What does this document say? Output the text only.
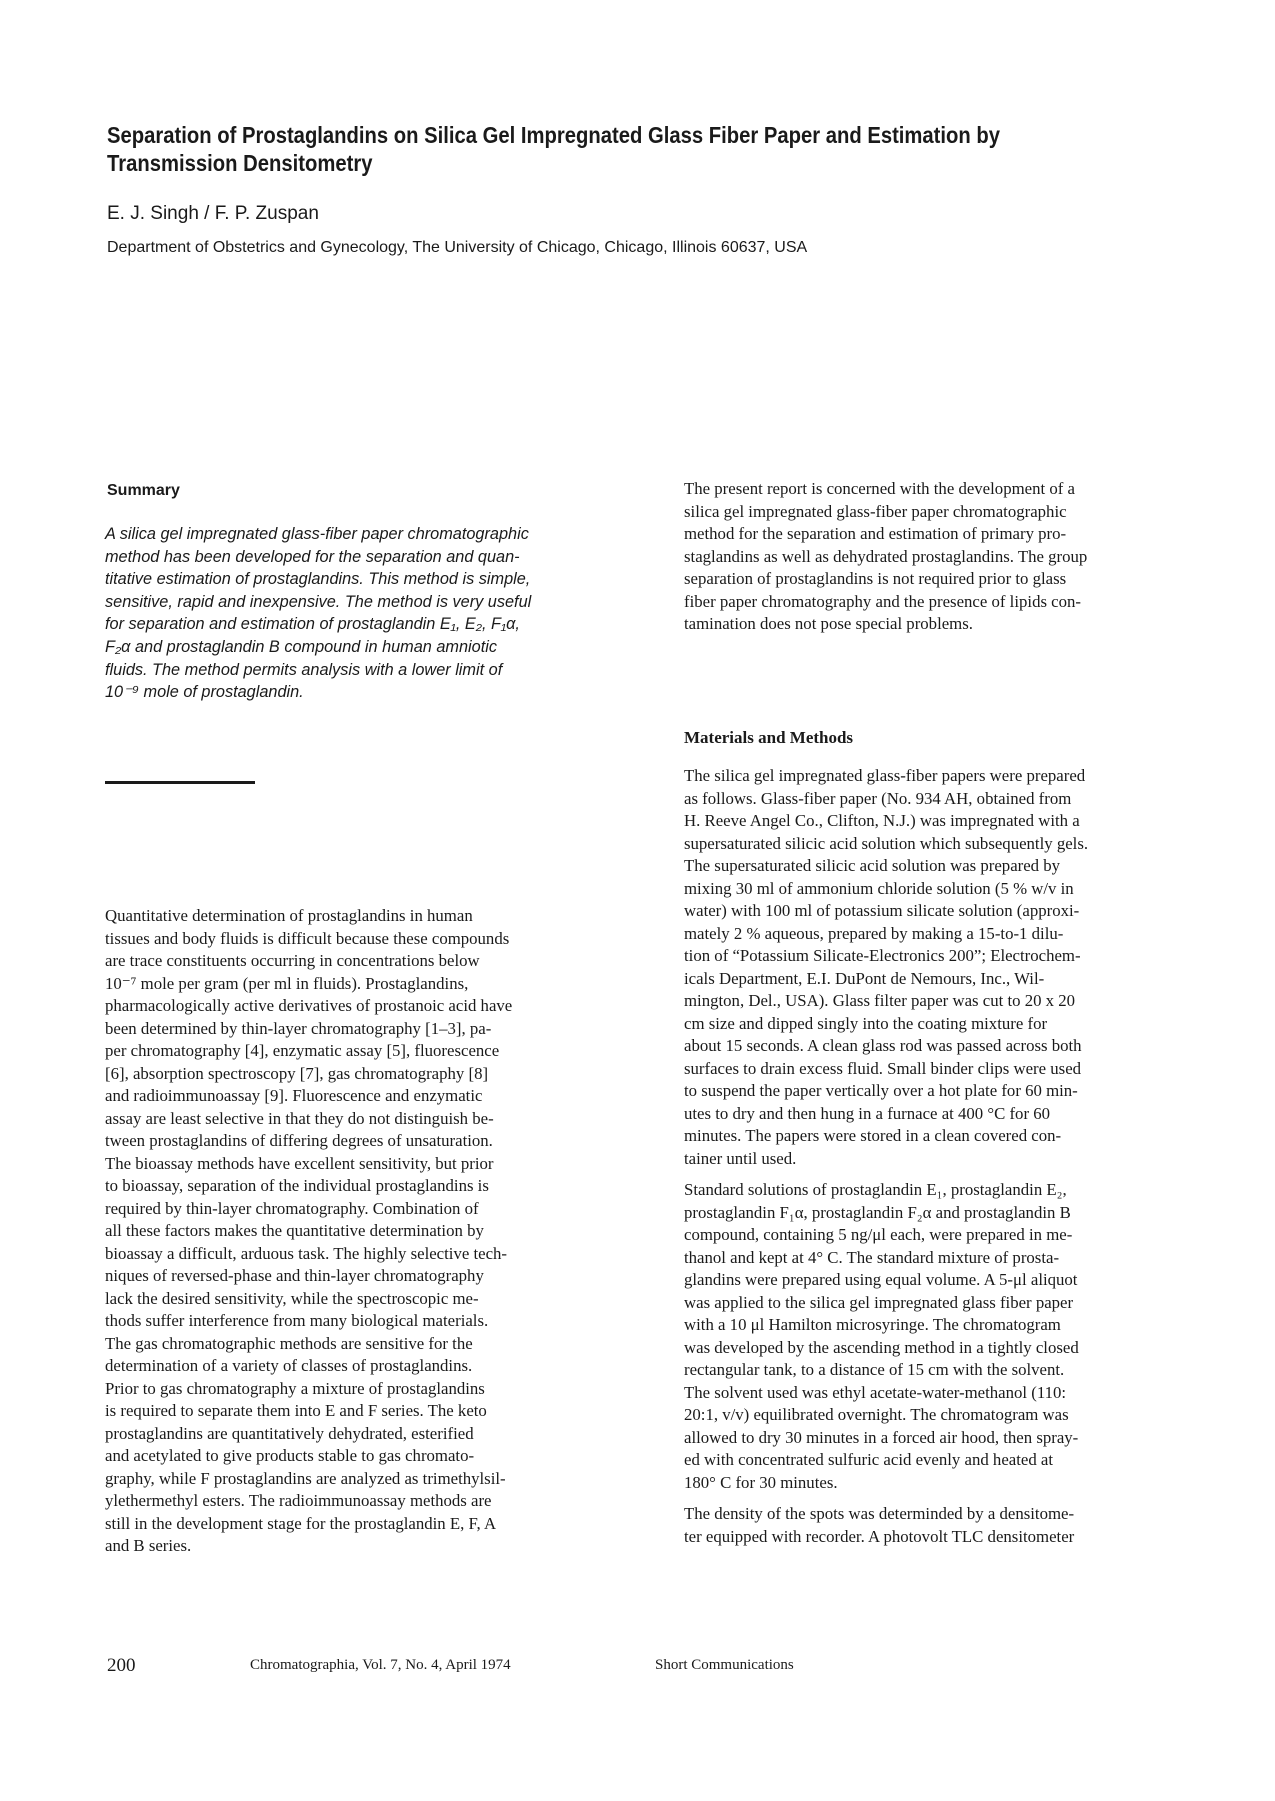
Separation of Prostaglandins on Silica Gel Impregnated Glass Fiber Paper and Estimation by
Transmission Densitometry
E. J. Singh / F. P. Zuspan
Department of Obstetrics and Gynecology, The University of Chicago, Chicago, Illinois 60637, USA
Summary
A silica gel impregnated glass-fiber paper chromatographic
method has been developed for the separation and quan-
titative estimation of prostaglandins. This method is simple,
sensitive, rapid and inexpensive. The method is very useful
for separation and estimation of prostaglandin E₁, E₂, F₁α,
F₂α and prostaglandin B compound in human amniotic
fluids. The method permits analysis with a lower limit of
10⁻⁹ mole of prostaglandin.
Quantitative determination of prostaglandins in human
tissues and body fluids is difficult because these compounds
are trace constituents occurring in concentrations below
10⁻⁷ mole per gram (per ml in fluids). Prostaglandins,
pharmacologically active derivatives of prostanoic acid have
been determined by thin-layer chromatography [1–3], pa-
per chromatography [4], enzymatic assay [5], fluorescence
[6], absorption spectroscopy [7], gas chromatography [8]
and radioimmunoassay [9]. Fluorescence and enzymatic
assay are least selective in that they do not distinguish be-
tween prostaglandins of differing degrees of unsaturation.
The bioassay methods have excellent sensitivity, but prior
to bioassay, separation of the individual prostaglandins is
required by thin-layer chromatography. Combination of
all these factors makes the quantitative determination by
bioassay a difficult, arduous task. The highly selective tech-
niques of reversed-phase and thin-layer chromatography
lack the desired sensitivity, while the spectroscopic me-
thods suffer interference from many biological materials.
The gas chromatographic methods are sensitive for the
determination of a variety of classes of prostaglandins.
Prior to gas chromatography a mixture of prostaglandins
is required to separate them into E and F series. The keto
prostaglandins are quantitatively dehydrated, esterified
and acetylated to give products stable to gas chromato-
graphy, while F prostaglandins are analyzed as trimethylsil-
ylethermethyl esters. The radioimmunoassay methods are
still in the development stage for the prostaglandin E, F, A
and B series.
The present report is concerned with the development of a
silica gel impregnated glass-fiber paper chromatographic
method for the separation and estimation of primary pro-
staglandins as well as dehydrated prostaglandins. The group
separation of prostaglandins is not required prior to glass
fiber paper chromatography and the presence of lipids con-
tamination does not pose special problems.
Materials and Methods

The silica gel impregnated glass-fiber papers were prepared
as follows. Glass-fiber paper (No. 934 AH, obtained from
H. Reeve Angel Co., Clifton, N.J.) was impregnated with a
supersaturated silicic acid solution which subsequently gels.
The supersaturated silicic acid solution was prepared by
mixing 30 ml of ammonium chloride solution (5 % w/v in
water) with 100 ml of potassium silicate solution (approxi-
mately 2 % aqueous, prepared by making a 15-to-1 dilu-
tion of “Potassium Silicate-Electronics 200”; Electrochem-
icals Department, E.I. DuPont de Nemours, Inc., Wil-
mington, Del., USA). Glass filter paper was cut to 20 x 20
cm size and dipped singly into the coating mixture for
about 15 seconds. A clean glass rod was passed across both
surfaces to drain excess fluid. Small binder clips were used
to suspend the paper vertically over a hot plate for 60 min-
utes to dry and then hung in a furnace at 400 °C for 60
minutes. The papers were stored in a clean covered con-
tainer until used.

Standard solutions of prostaglandin E₁, prostaglandin E₂,
prostaglandin F₁α, prostaglandin F₂α and prostaglandin B
compound, containing 5 ng/μl each, were prepared in me-
thanol and kept at 4° C. The standard mixture of prosta-
glandins were prepared using equal volume. A 5-μl aliquot
was applied to the silica gel impregnated glass fiber paper
with a 10 μl Hamilton microsyringe. The chromatogram
was developed by the ascending method in a tightly closed
rectangular tank, to a distance of 15 cm with the solvent.
The solvent used was ethyl acetate-water-methanol (110:
20:1, v/v) equilibrated overnight. The chromatogram was
allowed to dry 30 minutes in a forced air hood, then spray-
ed with concentrated sulfuric acid evenly and heated at
180° C for 30 minutes.

The density of the spots was determinded by a densitome-
ter equipped with recorder. A photovolt TLC densitometer

200	Chromatographia, Vol. 7, No. 4, April 1974	Short Communications
